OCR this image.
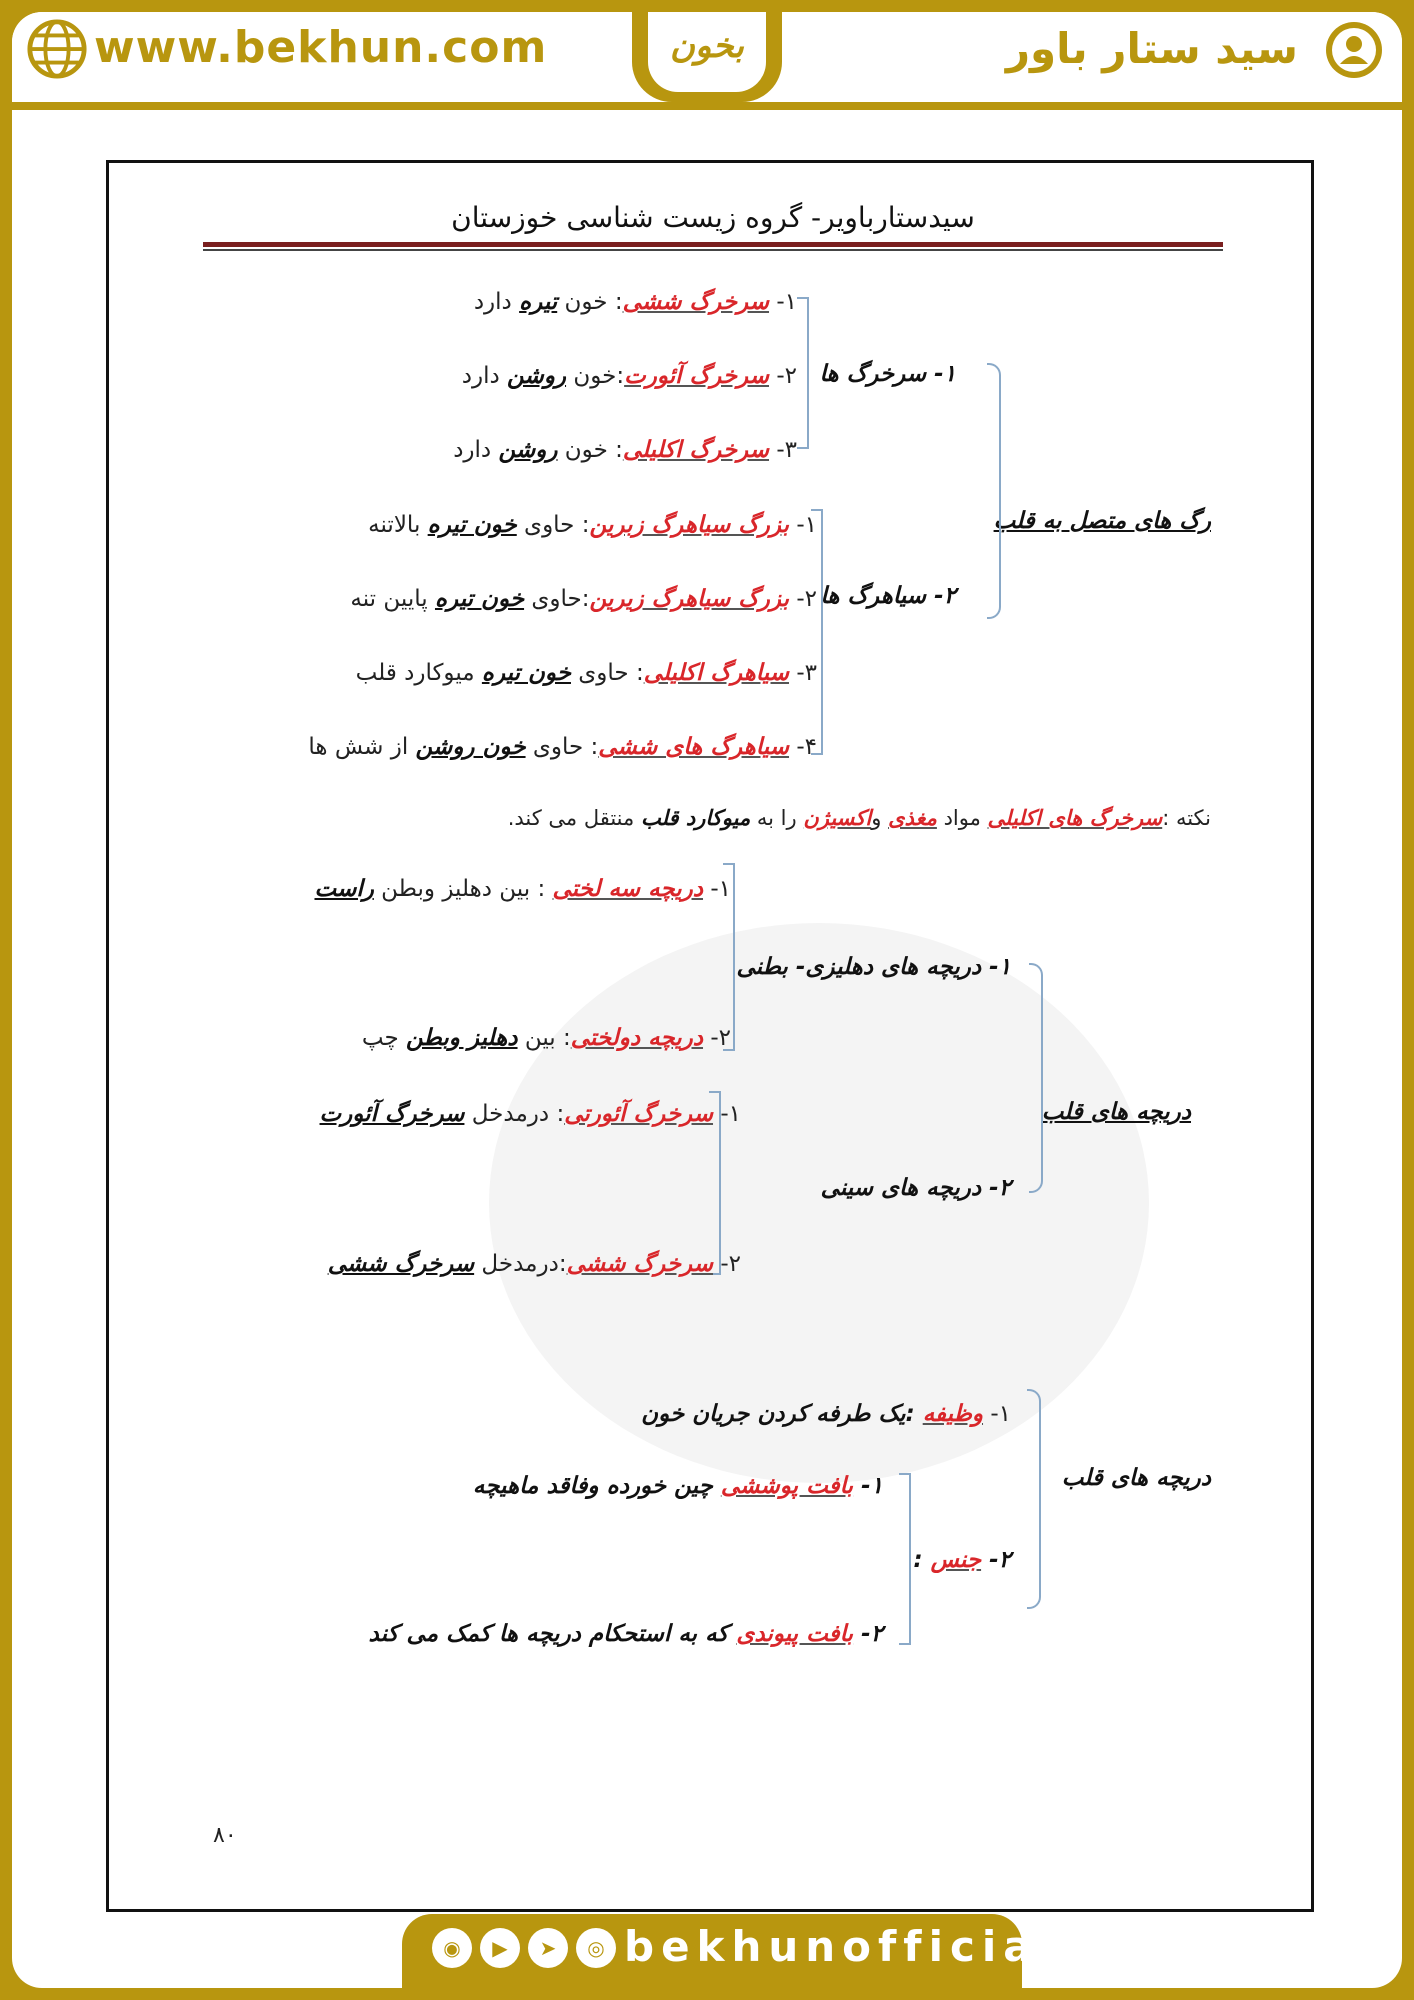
www.bekhun.com	بخون	سید ستار باور
سیدستارباویر- گروه زیست شناسی خوزستان
رگ های متصل به قلب
۱- سرخرگ ها
۱- سرخرگ ششی: خون تیره دارد
۲- سرخرگ آئورت:خون روشن دارد
۳- سرخرگ اکلیلی: خون روشن دارد
۲- سیاهرگ ها
۱- بزرگ سیاهرگ زبرین: حاوی خون تیره بالاتنه
۲- بزرگ سیاهرگ زیرین:حاوی خون تیره پایین تنه
۳- سیاهرگ اکلیلی: حاوی خون تیره میوکارد قلب
۴- سیاهرگ های ششی: حاوی خون روشن از شش ها
نکته :سرخرگ های اکلیلی مواد مغذی واکسیژن را به میوکارد قلب منتقل می کند.
دریچه های قلب
۱- دریچه های دهلیزی- بطنی
۱- دریچه سه لختی : بین دهلیز وبطن راست
۲- دریچه دولختی: بین دهلیز وبطن چپ
۲- دریچه های سینی
۱- سرخرگ آئورتی: درمدخل سرخرگ آئورت
۲- سرخرگ ششی:درمدخل سرخرگ ششی
دریچه های قلب
۱- وظیفه :یک طرفه کردن جریان خون
۲- جنس :
۱- بافت پوششی چین خورده وفاقد ماهیچه
۲- بافت پیوندی که به استحکام دریچه ها کمک می کند
۸۰
◉	▶	➤	◎ bekhunofficial
